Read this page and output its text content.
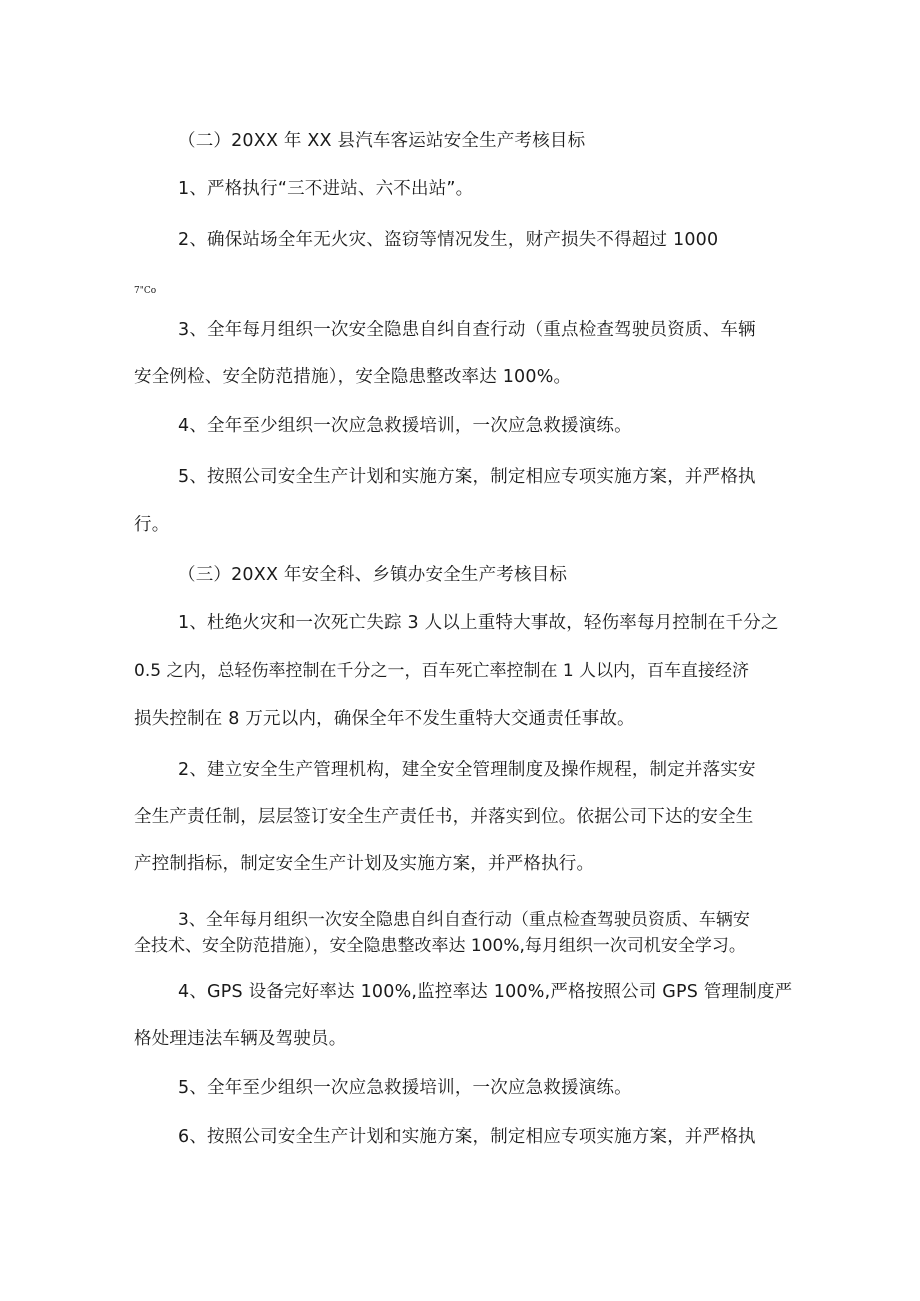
（二）20XX 年 XX 县汽车客运站安全生产考核目标
1、严格执行“三不进站、六不出站”。
2、确保站场全年无火灾、盗窃等情况发生，财产损失不得超过 1000
7"Co
3、全年每月组织一次安全隐患自纠自查行动（重点检查驾驶员资质、车辆
安全例检、安全防范措施），安全隐患整改率达 100%。
4、全年至少组织一次应急救援培训，一次应急救援演练。
5、按照公司安全生产计划和实施方案，制定相应专项实施方案，并严格执
行。
（三）20XX 年安全科、乡镇办安全生产考核目标
1、杜绝火灾和一次死亡失踪 3 人以上重特大事故，轻伤率每月控制在千分之
0.5 之内，总轻伤率控制在千分之一，百车死亡率控制在 1 人以内，百车直接经济
损失控制在 8 万元以内，确保全年不发生重特大交通责任事故。
2、建立安全生产管理机构，建全安全管理制度及操作规程，制定并落实安
全生产责任制，层层签订安全生产责任书，并落实到位。依据公司下达的安全生
产控制指标，制定安全生产计划及实施方案，并严格执行。
3、全年每月组织一次安全隐患自纠自查行动（重点检查驾驶员资质、车辆安
全技术、安全防范措施），安全隐患整改率达 100%,每月组织一次司机安全学习。
4、GPS 设备完好率达 100%,监控率达 100%,严格按照公司 GPS 管理制度严
格处理违法车辆及驾驶员。
5、全年至少组织一次应急救援培训，一次应急救援演练。
6、按照公司安全生产计划和实施方案，制定相应专项实施方案，并严格执
